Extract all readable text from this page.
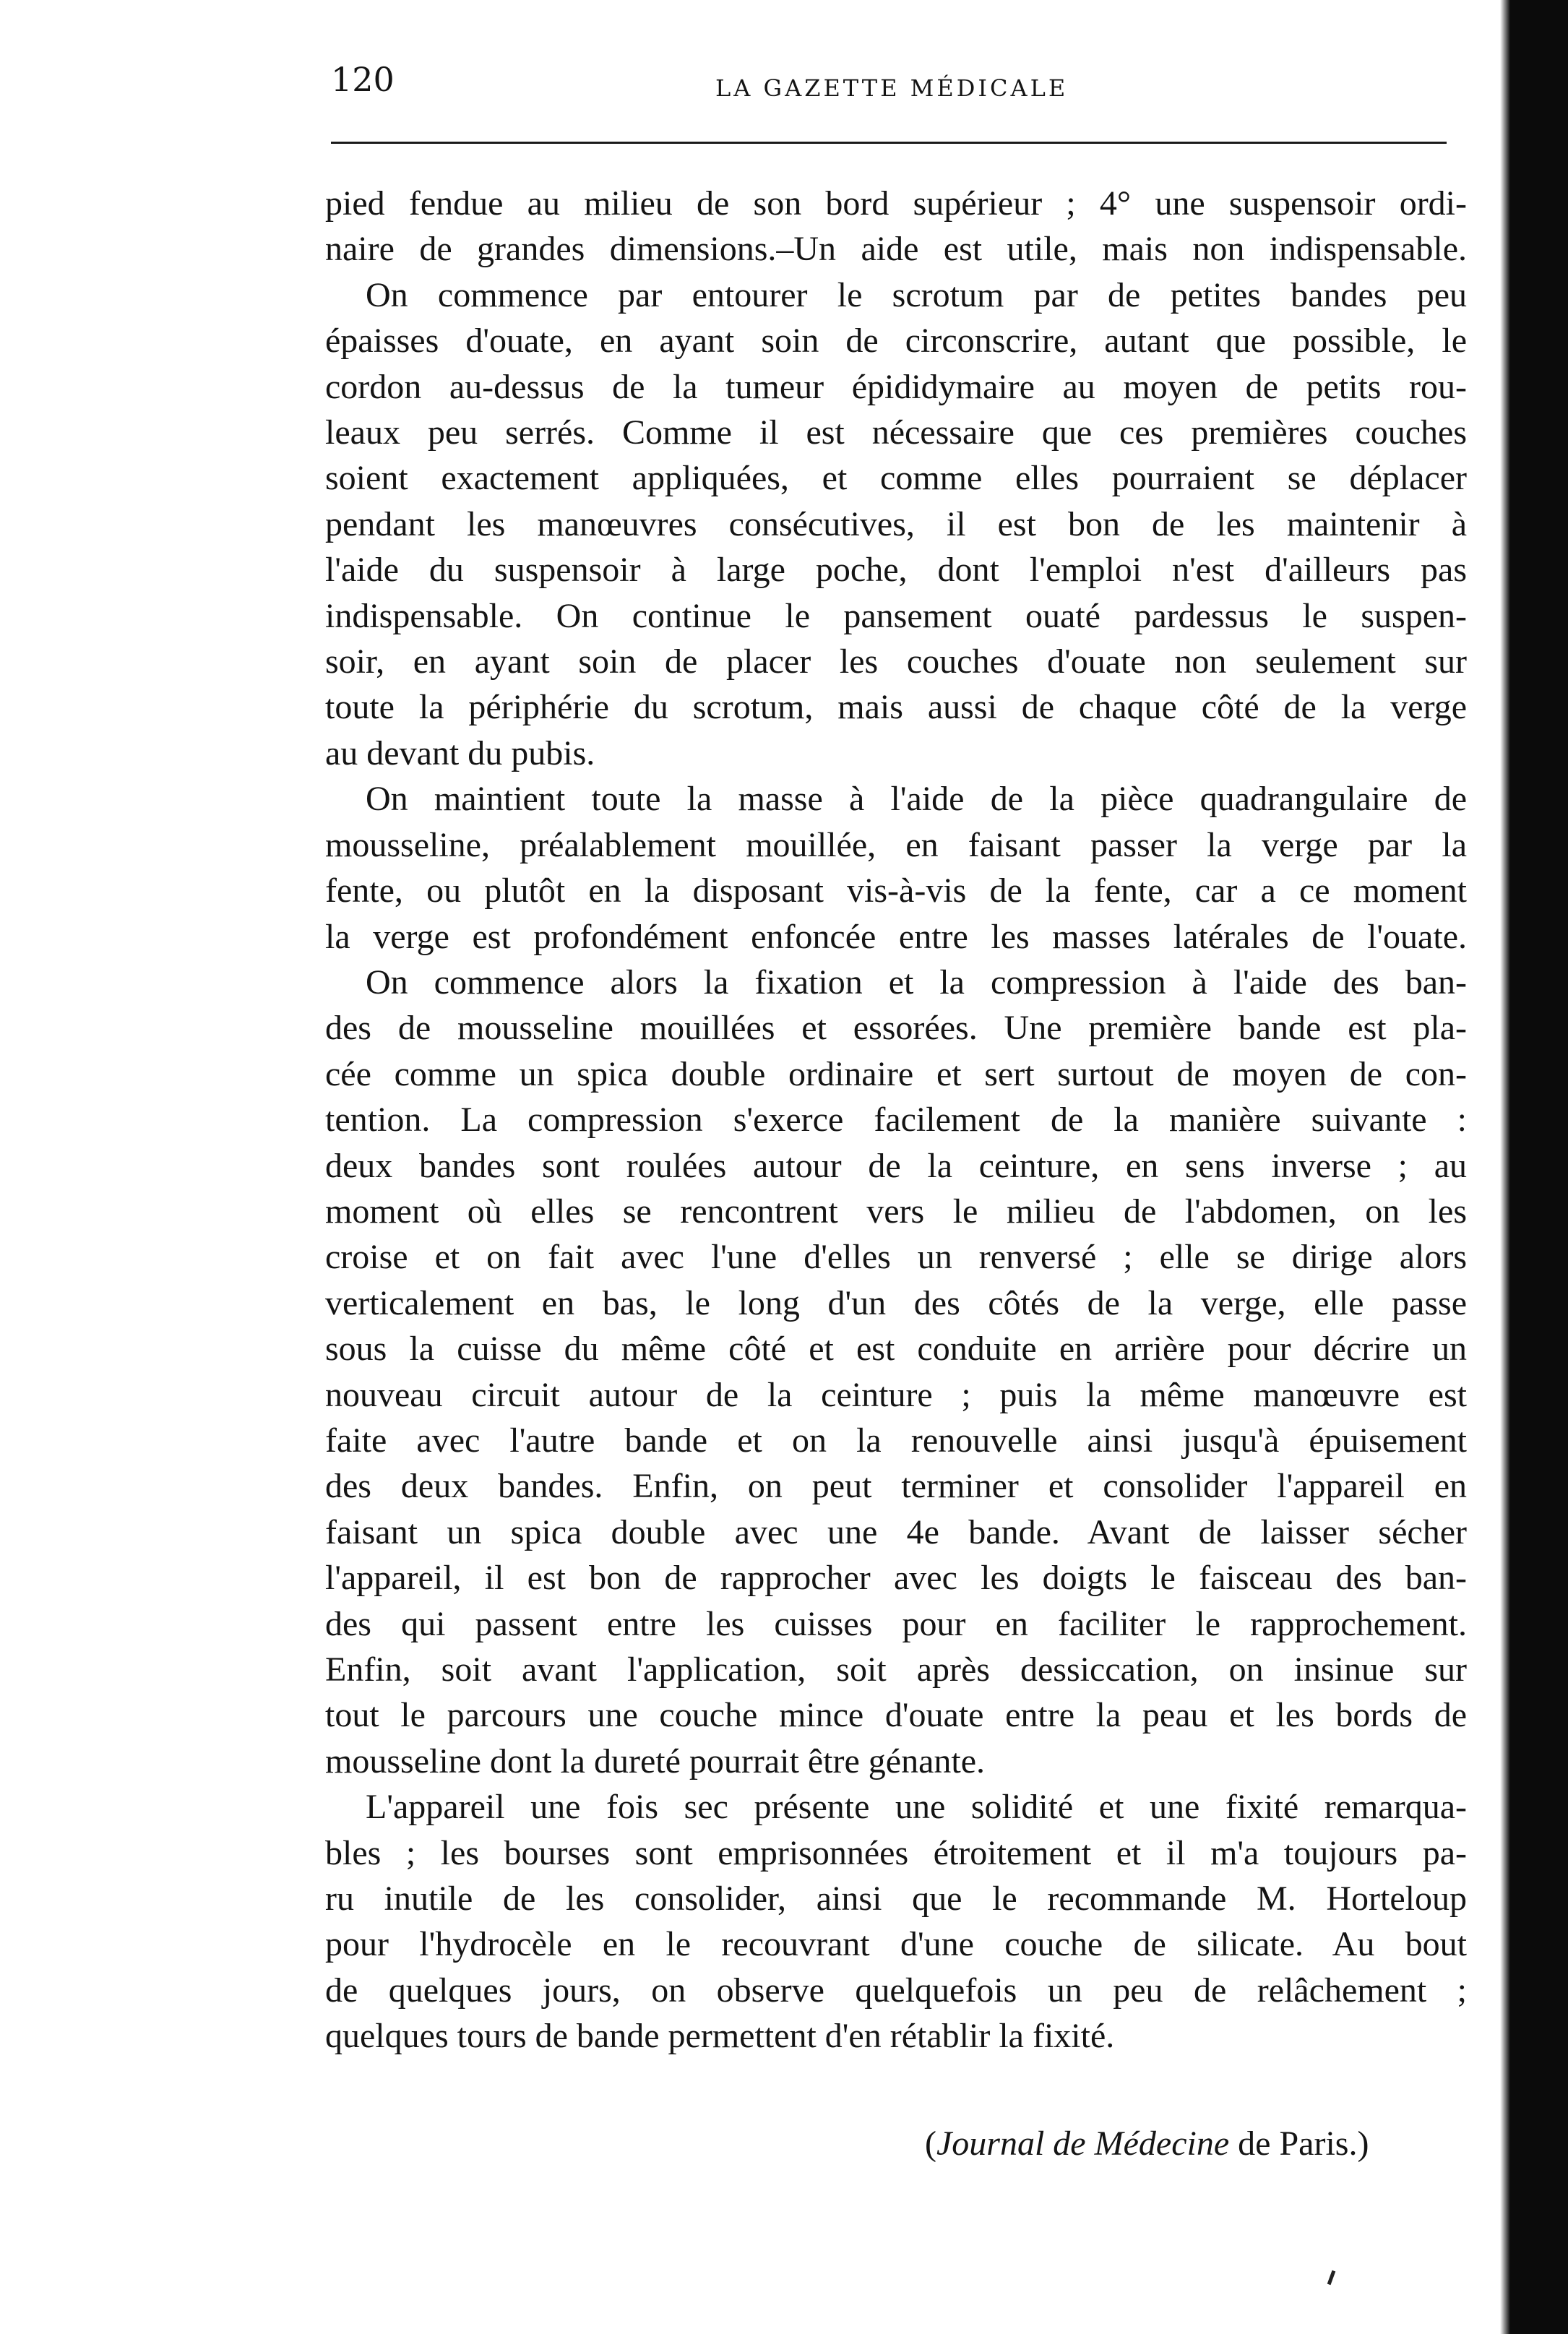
120	LA GAZETTE MÉDICALE
pied fendue au milieu de son bord supérieur ; 4° une suspensoir ordi-
naire de grandes dimensions.–Un aide est utile, mais non indispensable.
On commence par entourer le scrotum par de petites bandes peu
épaisses d'ouate, en ayant soin de circonscrire, autant que possible, le
cordon au-dessus de la tumeur épididymaire au moyen de petits rou-
leaux peu serrés. Comme il est nécessaire que ces premières couches
soient exactement appliquées, et comme elles pourraient se déplacer
pendant les manœuvres consécutives, il est bon de les maintenir à
l'aide du suspensoir à large poche, dont l'emploi n'est d'ailleurs pas
indispensable. On continue le pansement ouaté pardessus le suspen-
soir, en ayant soin de placer les couches d'ouate non seulement sur
toute la périphérie du scrotum, mais aussi de chaque côté de la verge
au devant du pubis.
On maintient toute la masse à l'aide de la pièce quadrangulaire de
mousseline, préalablement mouillée, en faisant passer la verge par la
fente, ou plutôt en la disposant vis-à-vis de la fente, car a ce moment
la verge est profondément enfoncée entre les masses latérales de l'ouate.
On commence alors la fixation et la compression à l'aide des ban-
des de mousseline mouillées et essorées. Une première bande est pla-
cée comme un spica double ordinaire et sert surtout de moyen de con-
tention. La compression s'exerce facilement de la manière suivante :
deux bandes sont roulées autour de la ceinture, en sens inverse ; au
moment où elles se rencontrent vers le milieu de l'abdomen, on les
croise et on fait avec l'une d'elles un renversé ; elle se dirige alors
verticalement en bas, le long d'un des côtés de la verge, elle passe
sous la cuisse du même côté et est conduite en arrière pour décrire un
nouveau circuit autour de la ceinture ; puis la même manœuvre est
faite avec l'autre bande et on la renouvelle ainsi jusqu'à épuisement
des deux bandes. Enfin, on peut terminer et consolider l'appareil en
faisant un spica double avec une 4e bande. Avant de laisser sécher
l'appareil, il est bon de rapprocher avec les doigts le faisceau des ban-
des qui passent entre les cuisses pour en faciliter le rapprochement.
Enfin, soit avant l'application, soit après dessiccation, on insinue sur
tout le parcours une couche mince d'ouate entre la peau et les bords de
mousseline dont la dureté pourrait être génante.
L'appareil une fois sec présente une solidité et une fixité remarqua-
bles ; les bourses sont emprisonnées étroitement et il m'a toujours pa-
ru inutile de les consolider, ainsi que le recommande M. Horteloup
pour l'hydrocèle en le recouvrant d'une couche de silicate. Au bout
de quelques jours, on observe quelquefois un peu de relâchement ;
quelques tours de bande permettent d'en rétablir la fixité.
(Journal de Médecine de Paris.)
